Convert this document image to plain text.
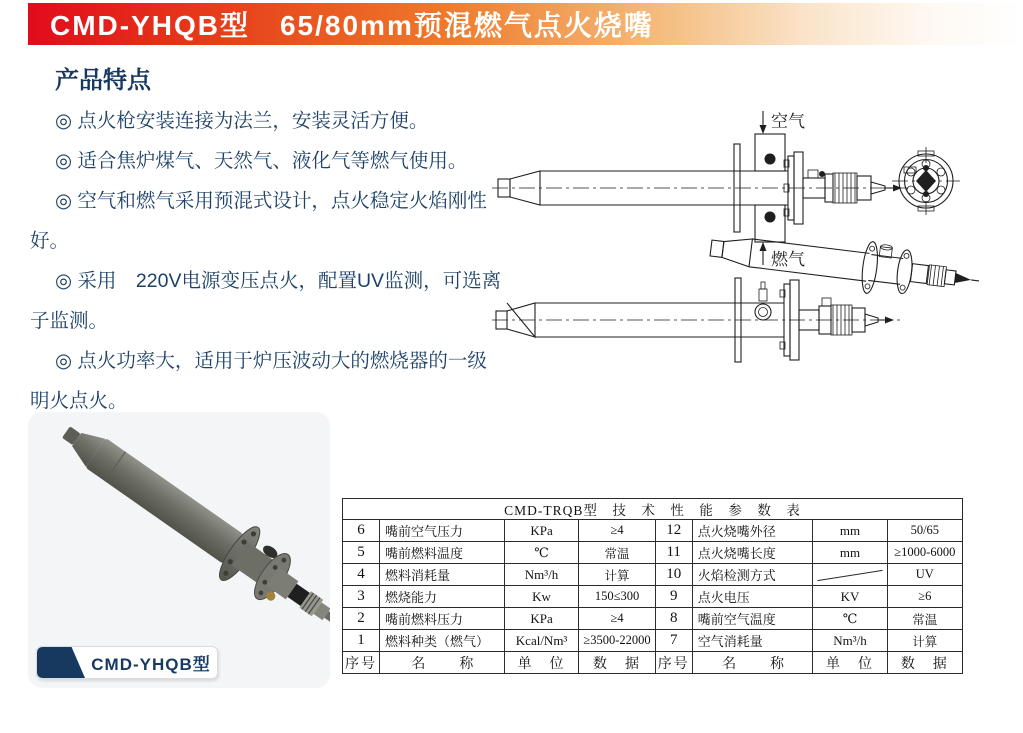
CMD-YHQB型　65/80mm预混燃气点火烧嘴
产品特点

◎ 点火枪安装连接为法兰，安装灵活方便。

◎ 适合焦炉煤气、天然气、液化气等燃气使用。

◎ 空气和燃气采用预混式设计，点火稳定火焰刚性好。

◎ 采用　220V电源变压点火，配置UV监测，可选离子监测。

◎ 点火功率大，适用于炉压波动大的燃烧器的一级明火点火。

空气
燃气
CMD-YHQB型
CMD-TRQB型　技　术　性　能　参　数　表							
6	嘴前空气压力	KPa	≥4	12	点火烧嘴外径	mm	50/65
5	嘴前燃料温度	℃	常温	11	点火烧嘴长度	mm	≥1000-6000
4	燃料消耗量	Nm³/h	计算	10	火焰检测方式		UV
3	燃烧能力	Kw	150≤300	9	点火电压	KV	≥6
2	嘴前燃料压力	KPa	≥4	8	嘴前空气温度	℃	常温
1	燃料种类（燃气）	Kcal/Nm³	≥3500-22000	7	空气消耗量	Nm³/h	计算
序号	名　　称	单　位	数　据	序号	名　　称	单　位	数　据
